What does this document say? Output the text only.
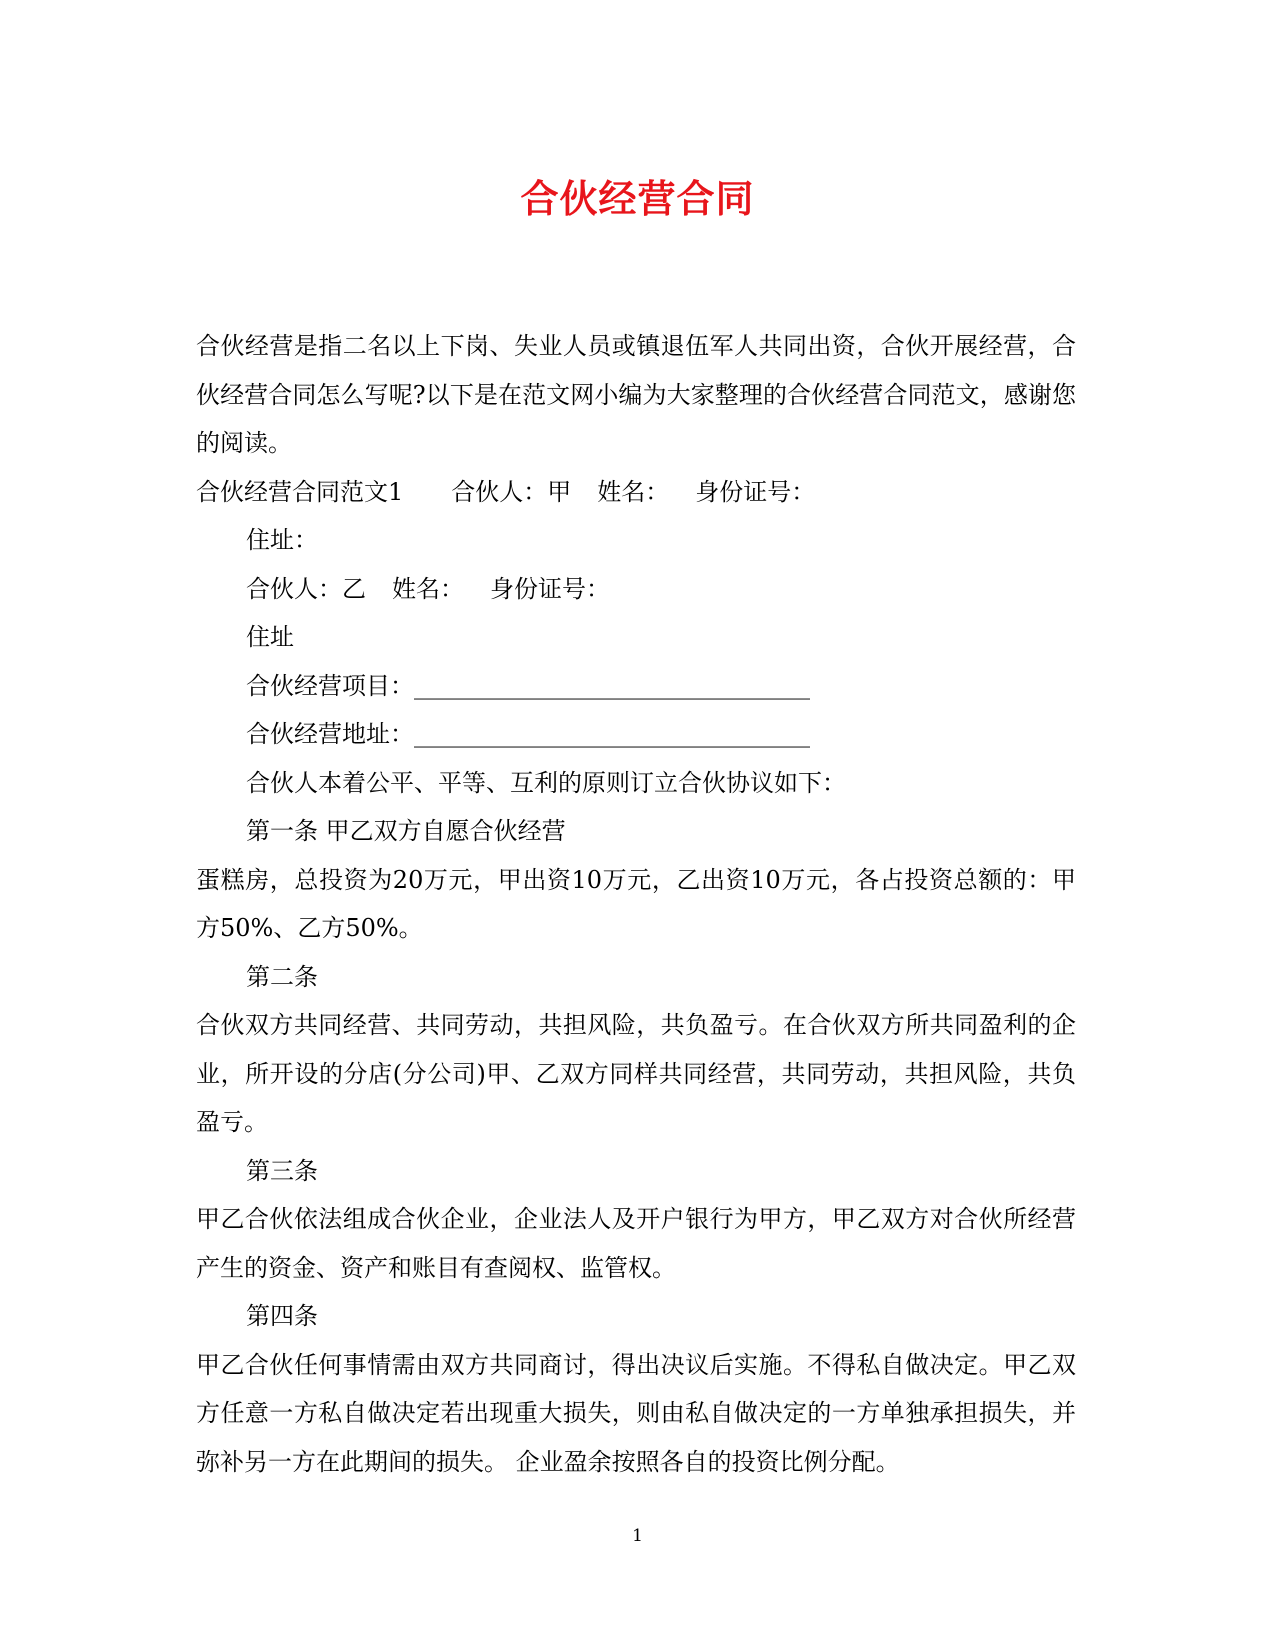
合伙经营合同

合伙经营是指二名以上下岗、失业人员或镇退伍军人共同出资，合伙开展经营，合伙经营合同怎么写呢?以下是在范文网小编为大家整理的合伙经营合同范文，感谢您的阅读。

合伙经营合同范文1 合伙人：甲 姓名： 身份证号：

住址：

合伙人：乙 姓名： 身份证号：

住址

合伙经营项目：_________________________________

合伙经营地址：_________________________________

合伙人本着公平、平等、互利的原则订立合伙协议如下：

第一条 甲乙双方自愿合伙经营

蛋糕房，总投资为20万元，甲出资10万元，乙出资10万元，各占投资总额的：甲方50%、乙方50%。

第二条

合伙双方共同经营、共同劳动，共担风险，共负盈亏。在合伙双方所共同盈利的企业，所开设的分店(分公司)甲、乙双方同样共同经营，共同劳动，共担风险，共负盈亏。

第三条

甲乙合伙依法组成合伙企业，企业法人及开户银行为甲方，甲乙双方对合伙所经营产生的资金、资产和账目有查阅权、监管权。

第四条

甲乙合伙任何事情需由双方共同商讨，得出决议后实施。不得私自做决定。甲乙双方任意一方私自做决定若出现重大损失，则由私自做决定的一方单独承担损失，并弥补另一方在此期间的损失。 企业盈余按照各自的投资比例分配。

1
